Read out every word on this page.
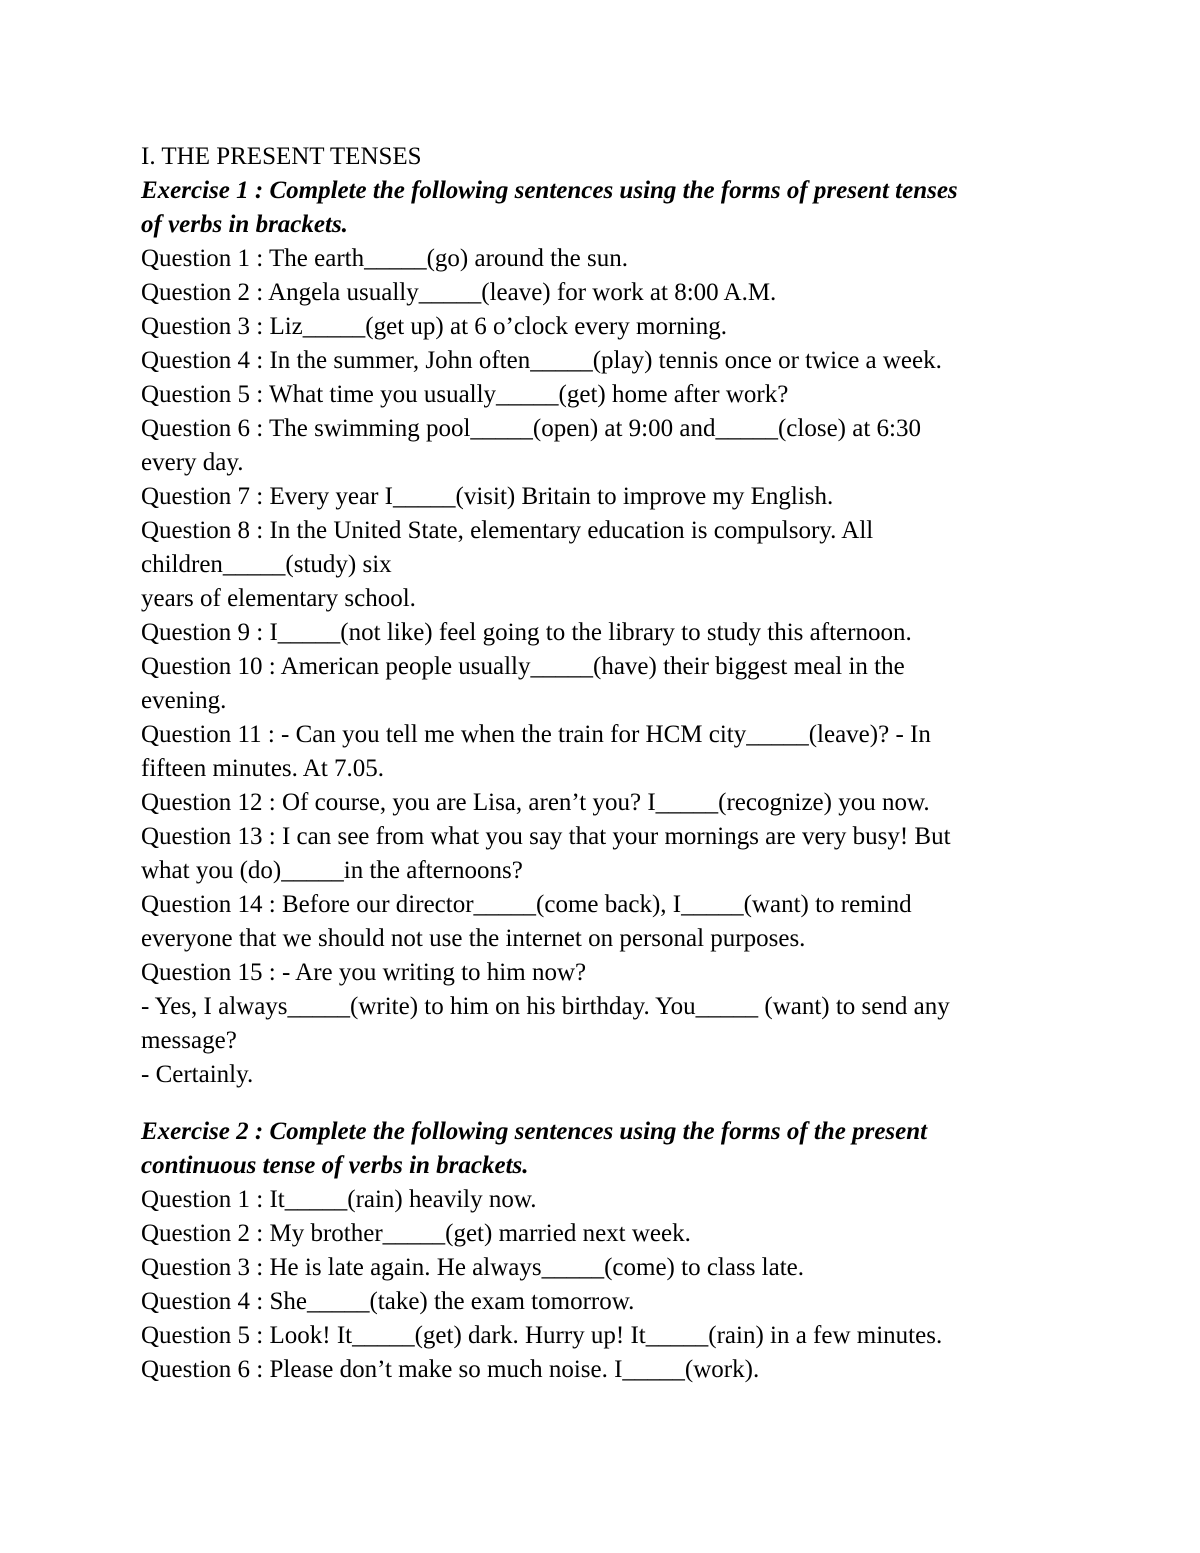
I. THE PRESENT TENSES
Exercise 1 : Complete the following sentences using the forms of present tenses
of verbs in brackets.
Question 1 : The earth_____(go) around the sun.
Question 2 : Angela usually_____(leave) for work at 8:00 A.M.
Question 3 : Liz_____(get up) at 6 o’clock every morning.
Question 4 : In the summer, John often_____(play) tennis once or twice a week.
Question 5 : What time you usually_____(get) home after work?
Question 6 : The swimming pool_____(open) at 9:00 and_____(close) at 6:30
every day.
Question 7 : Every year I_____(visit) Britain to improve my English.
Question 8 : In the United State, elementary education is compulsory. All
children_____(study) six
years of elementary school.
Question 9 : I_____(not like) feel going to the library to study this afternoon.
Question 10 : American people usually_____(have) their biggest meal in the
evening.
Question 11 : - Can you tell me when the train for HCM city_____(leave)? - In
fifteen minutes. At 7.05.
Question 12 : Of course, you are Lisa, aren’t you? I_____(recognize) you now.
Question 13 : I can see from what you say that your mornings are very busy! But
what you (do)_____in the afternoons?
Question 14 : Before our director_____(come back), I_____(want) to remind
everyone that we should not use the internet on personal purposes.
Question 15 : - Are you writing to him now?
- Yes, I always_____(write) to him on his birthday. You_____ (want) to send any
message?
- Certainly.
Exercise 2 : Complete the following sentences using the forms of the present
continuous tense of verbs in brackets.
Question 1 : It_____(rain) heavily now.
Question 2 : My brother_____(get) married next week.
Question 3 : He is late again. He always_____(come) to class late.
Question 4 : She_____(take) the exam tomorrow.
Question 5 : Look! It_____(get) dark. Hurry up! It_____(rain) in a few minutes.
Question 6 : Please don’t make so much noise. I_____(work).
